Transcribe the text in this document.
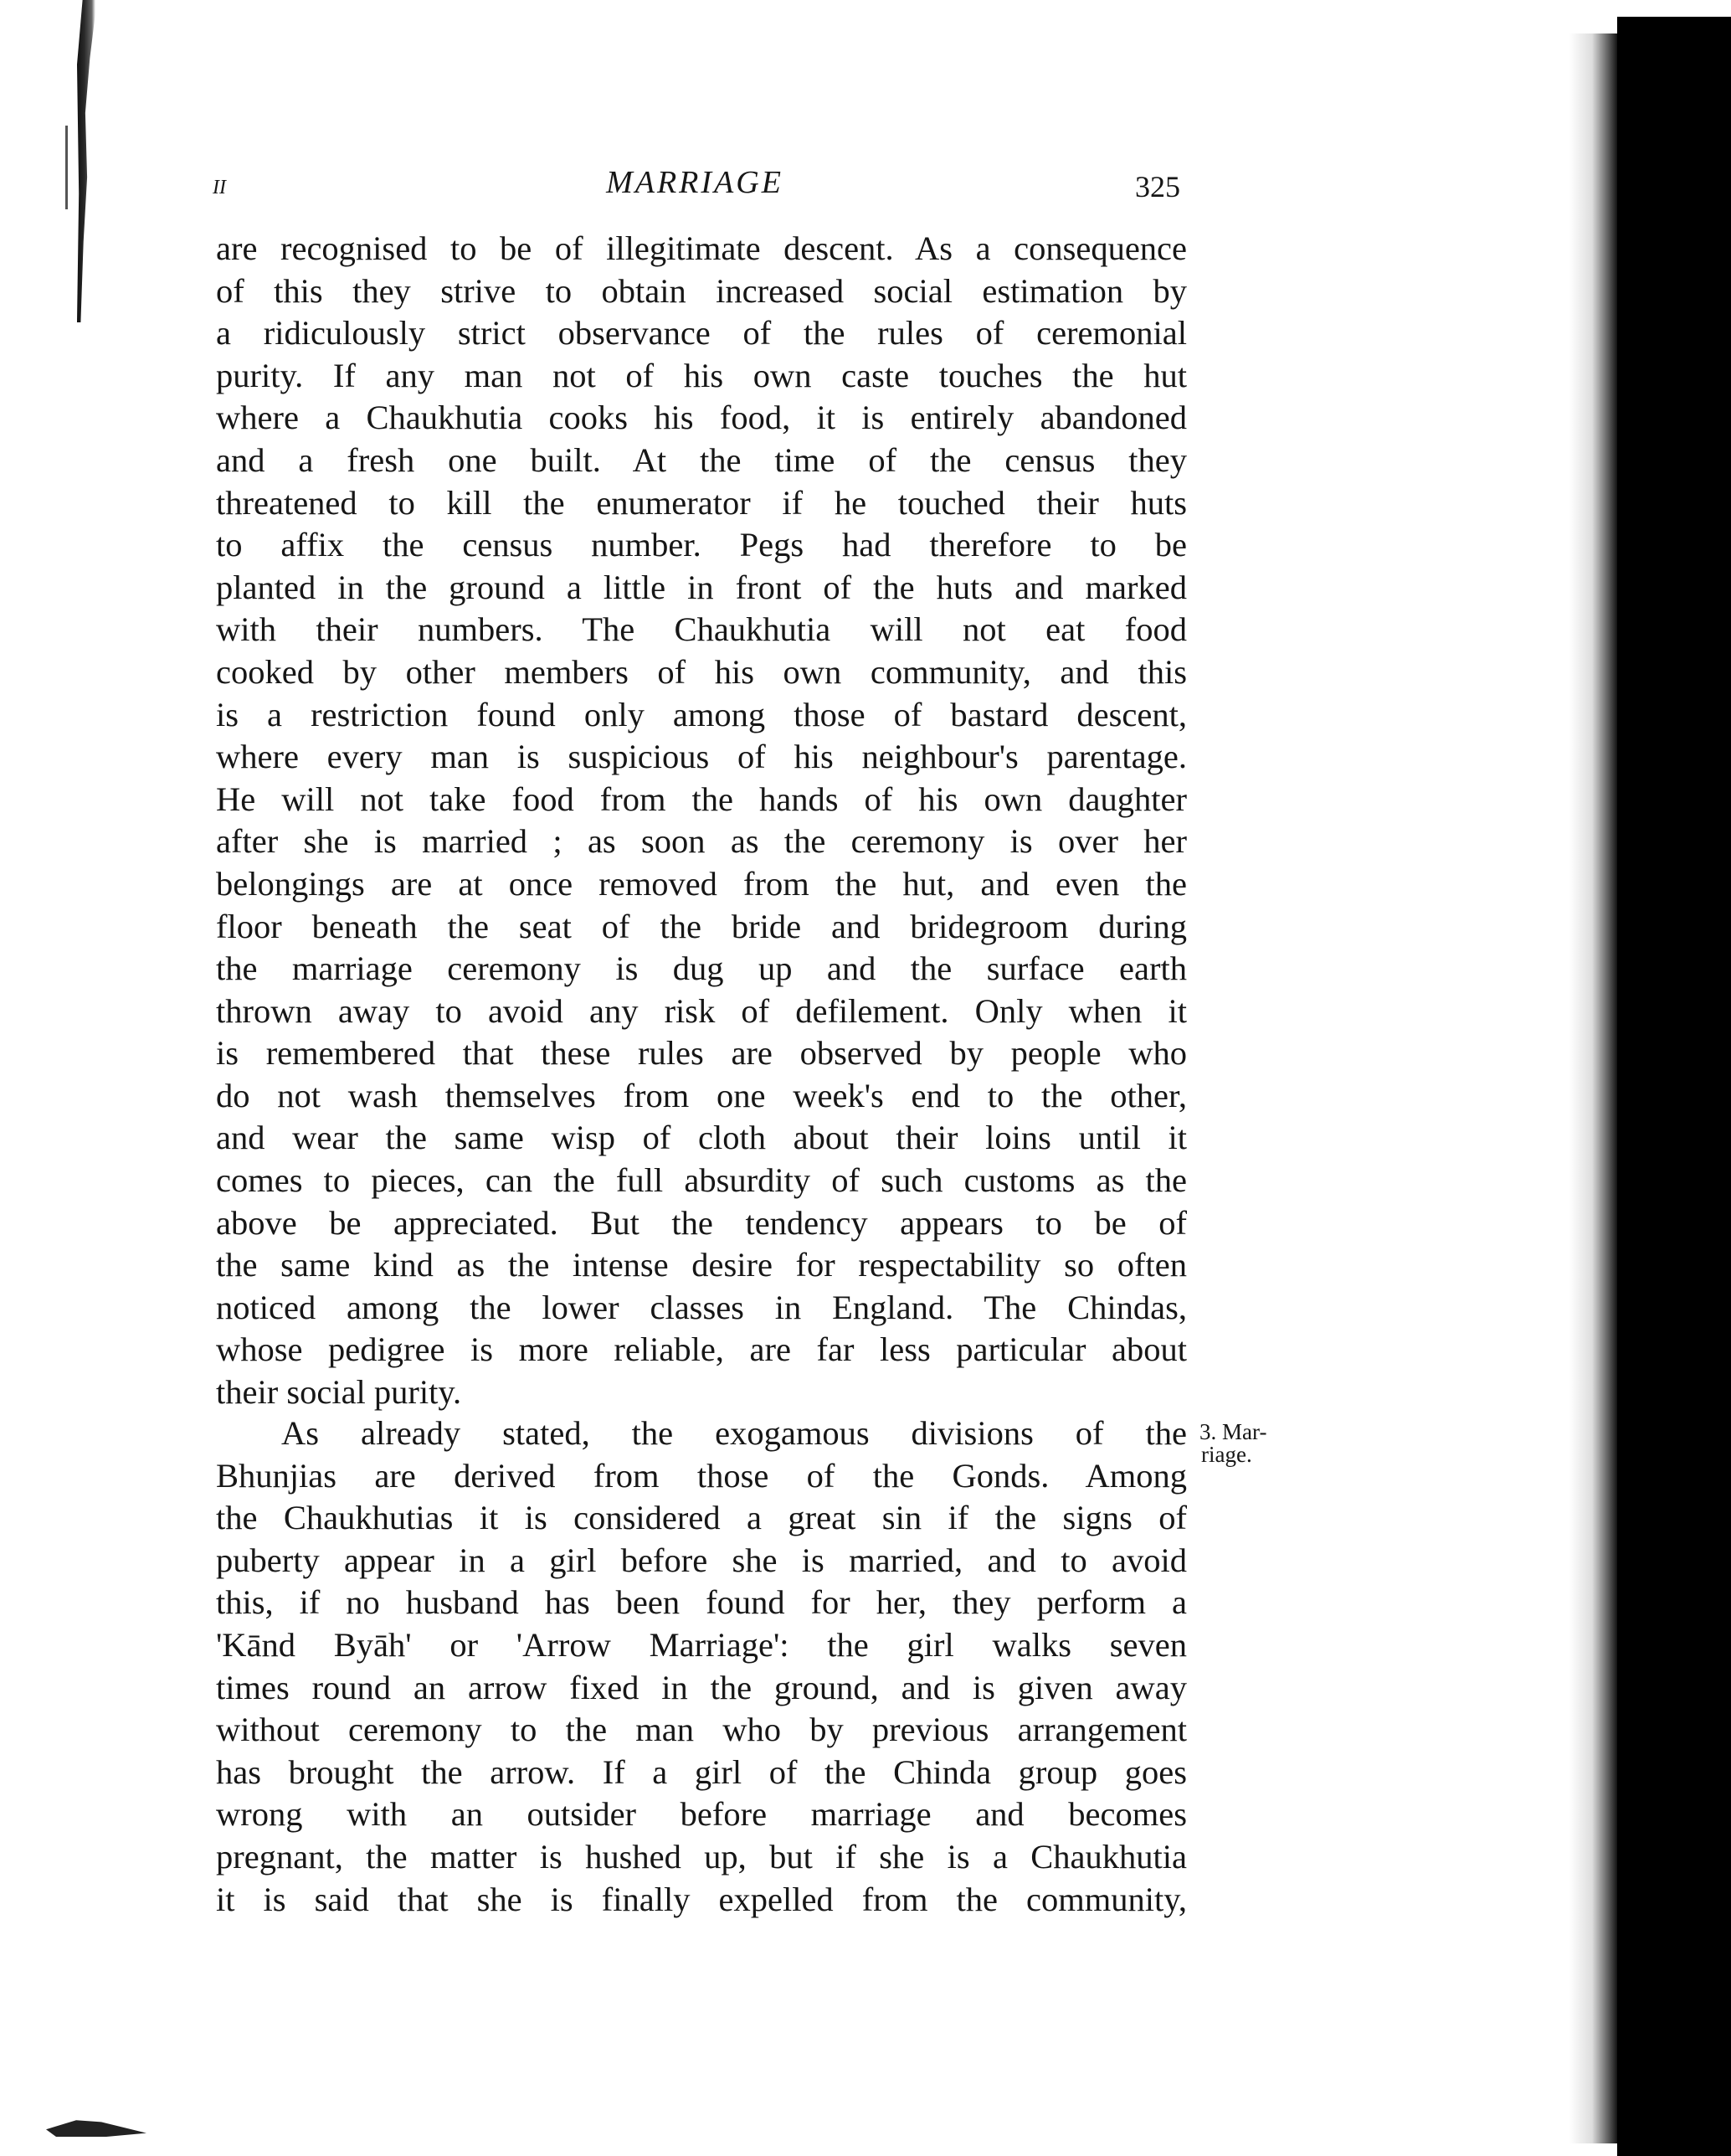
ii	MARRIAGE	325
are recognised to be of illegitimate descent. As a consequence
of this they strive to obtain increased social estimation by
a ridiculously strict observance of the rules of ceremonial
purity. If any man not of his own caste touches the hut
where a Chaukhutia cooks his food, it is entirely abandoned
and a fresh one built. At the time of the census they
threatened to kill the enumerator if he touched their huts
to affix the census number. Pegs had therefore to be
planted in the ground a little in front of the huts and marked
with their numbers. The Chaukhutia will not eat food
cooked by other members of his own community, and this
is a restriction found only among those of bastard descent,
where every man is suspicious of his neighbour's parentage.
He will not take food from the hands of his own daughter
after she is married ; as soon as the ceremony is over her
belongings are at once removed from the hut, and even the
floor beneath the seat of the bride and bridegroom during
the marriage ceremony is dug up and the surface earth
thrown away to avoid any risk of defilement. Only when it
is remembered that these rules are observed by people who
do not wash themselves from one week's end to the other,
and wear the same wisp of cloth about their loins until it
comes to pieces, can the full absurdity of such customs as the
above be appreciated. But the tendency appears to be of
the same kind as the intense desire for respectability so often
noticed among the lower classes in England. The Chindas,
whose pedigree is more reliable, are far less particular about
their social purity.
As already stated, the exogamous divisions of the
Bhunjias are derived from those of the Gonds. Among
the Chaukhutias it is considered a great sin if the signs of
puberty appear in a girl before she is married, and to avoid
this, if no husband has been found for her, they perform a
'Kānd Byāh' or 'Arrow Marriage': the girl walks seven
times round an arrow fixed in the ground, and is given away
without ceremony to the man who by previous arrangement
has brought the arrow. If a girl of the Chinda group goes
wrong with an outsider before marriage and becomes
pregnant, the matter is hushed up, but if she is a Chaukhutia
it is said that she is finally expelled from the community,
3. Mar-
riage.
